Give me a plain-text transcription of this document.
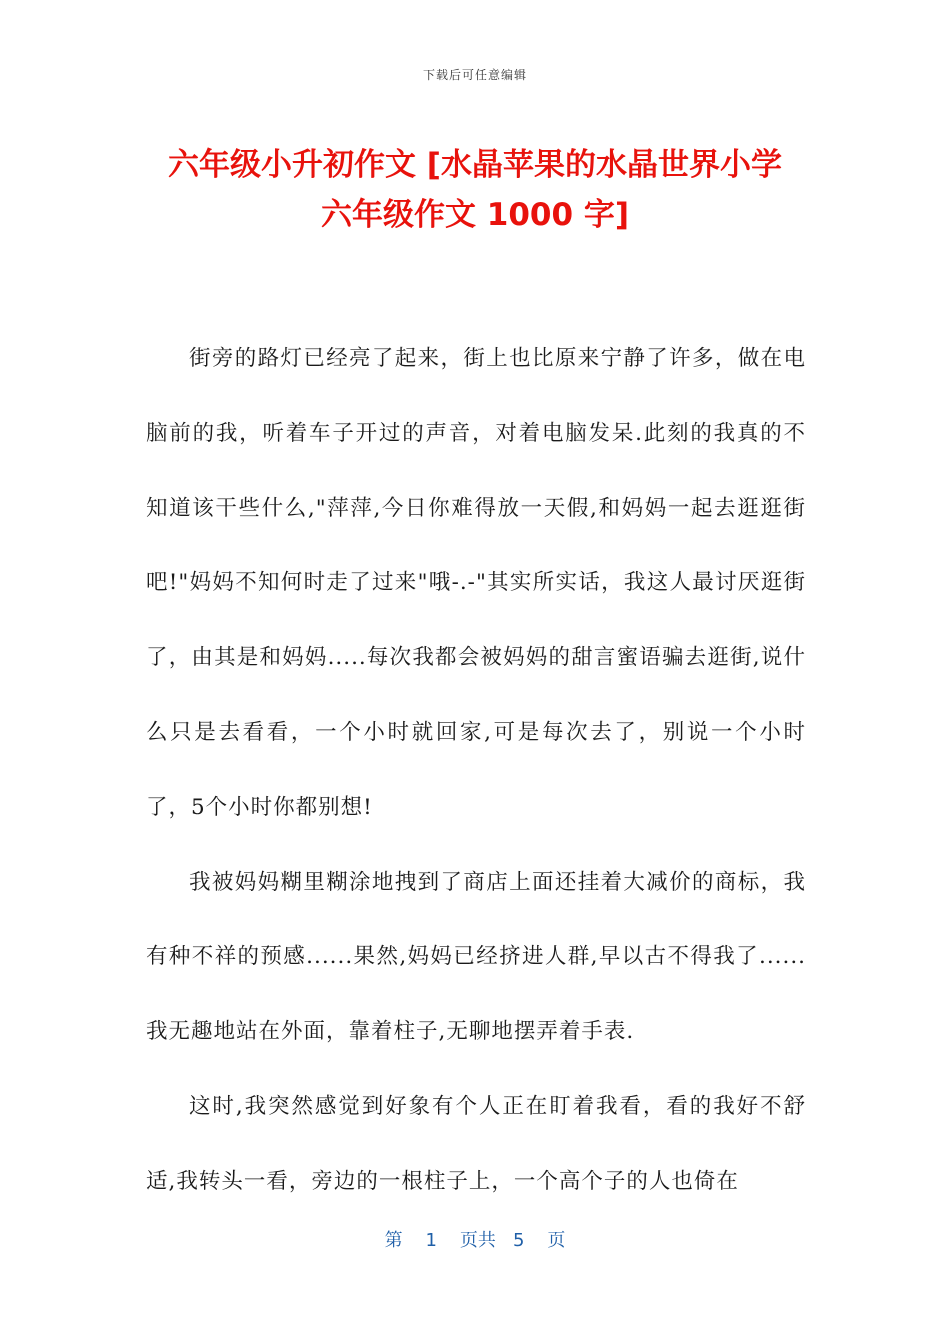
下载后可任意编辑
六年级小升初作文 [水晶苹果的水晶世界小学
六年级作文 1000 字]

街旁的路灯已经亮了起来，街上也比原来宁静了许多，做在电脑前的我，听着车子开过的声音，对着电脑发呆.此刻的我真的不知道该干些什么,"萍萍,今日你难得放一天假,和妈妈一起去逛逛街吧!"妈妈不知何时走了过来"哦-.-"其实所实话，我这人最讨厌逛街了，由其是和妈妈.....每次我都会被妈妈的甜言蜜语骗去逛街,说什么只是去看看，一个小时就回家,可是每次去了，别说一个小时了，5个小时你都别想!

我被妈妈糊里糊涂地拽到了商店上面还挂着大减价的商标，我有种不祥的预感......果然,妈妈已经挤进人群,早以古不得我了......我无趣地站在外面，靠着柱子,无聊地摆弄着手表.

这时,我突然感觉到好象有个人正在盯着我看，看的我好不舒适,我转头一看，旁边的一根柱子上，一个高个子的人也倚在

第 1 页共 5 页
